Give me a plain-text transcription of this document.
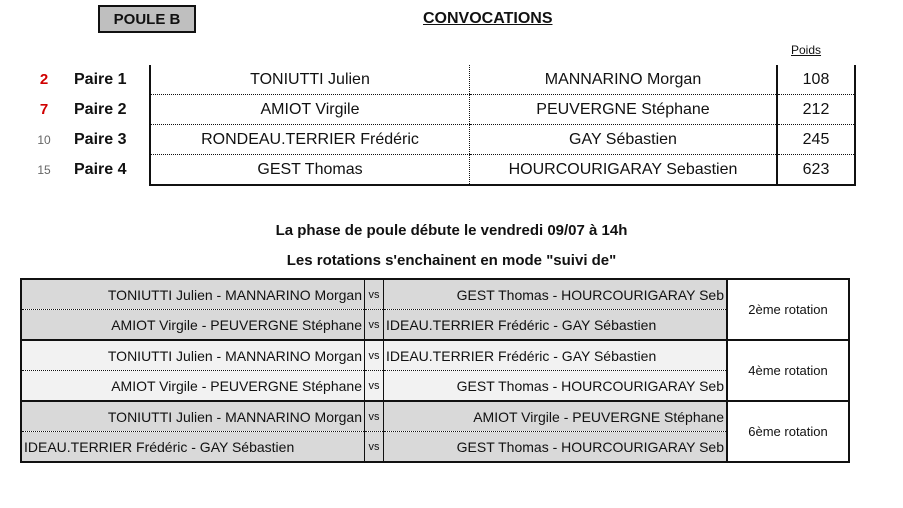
POULE B	CONVOCATIONS
Poids
2	Paire 1	TONIUTTI Julien	MANNARINO Morgan	108
7	Paire 2	AMIOT Virgile	PEUVERGNE Stéphane	212
10	Paire 3	RONDEAU.TERRIER Frédéric	GAY Sébastien	245
15	Paire 4	GEST Thomas	HOURCOURIGARAY Sebastien	623
La phase de poule débute le vendredi 09/07 à 14h
Les rotations s'enchainent en mode "suivi de"
TONIUTTI Julien - MANNARINO Morgan	vs	GEST Thomas - HOURCOURIGARAY Seb	2ème rotation
AMIOT Virgile - PEUVERGNE Stéphane	vs	IDEAU.TERRIER Frédéric - GAY Sébastien	
TONIUTTI Julien - MANNARINO Morgan	vs	IDEAU.TERRIER Frédéric - GAY Sébastien	4ème rotation
AMIOT Virgile - PEUVERGNE Stéphane	vs	GEST Thomas - HOURCOURIGARAY Seb	
TONIUTTI Julien - MANNARINO Morgan	vs	AMIOT Virgile - PEUVERGNE Stéphane	6ème rotation
IDEAU.TERRIER Frédéric - GAY Sébastien	vs	GEST Thomas - HOURCOURIGARAY Seb	
